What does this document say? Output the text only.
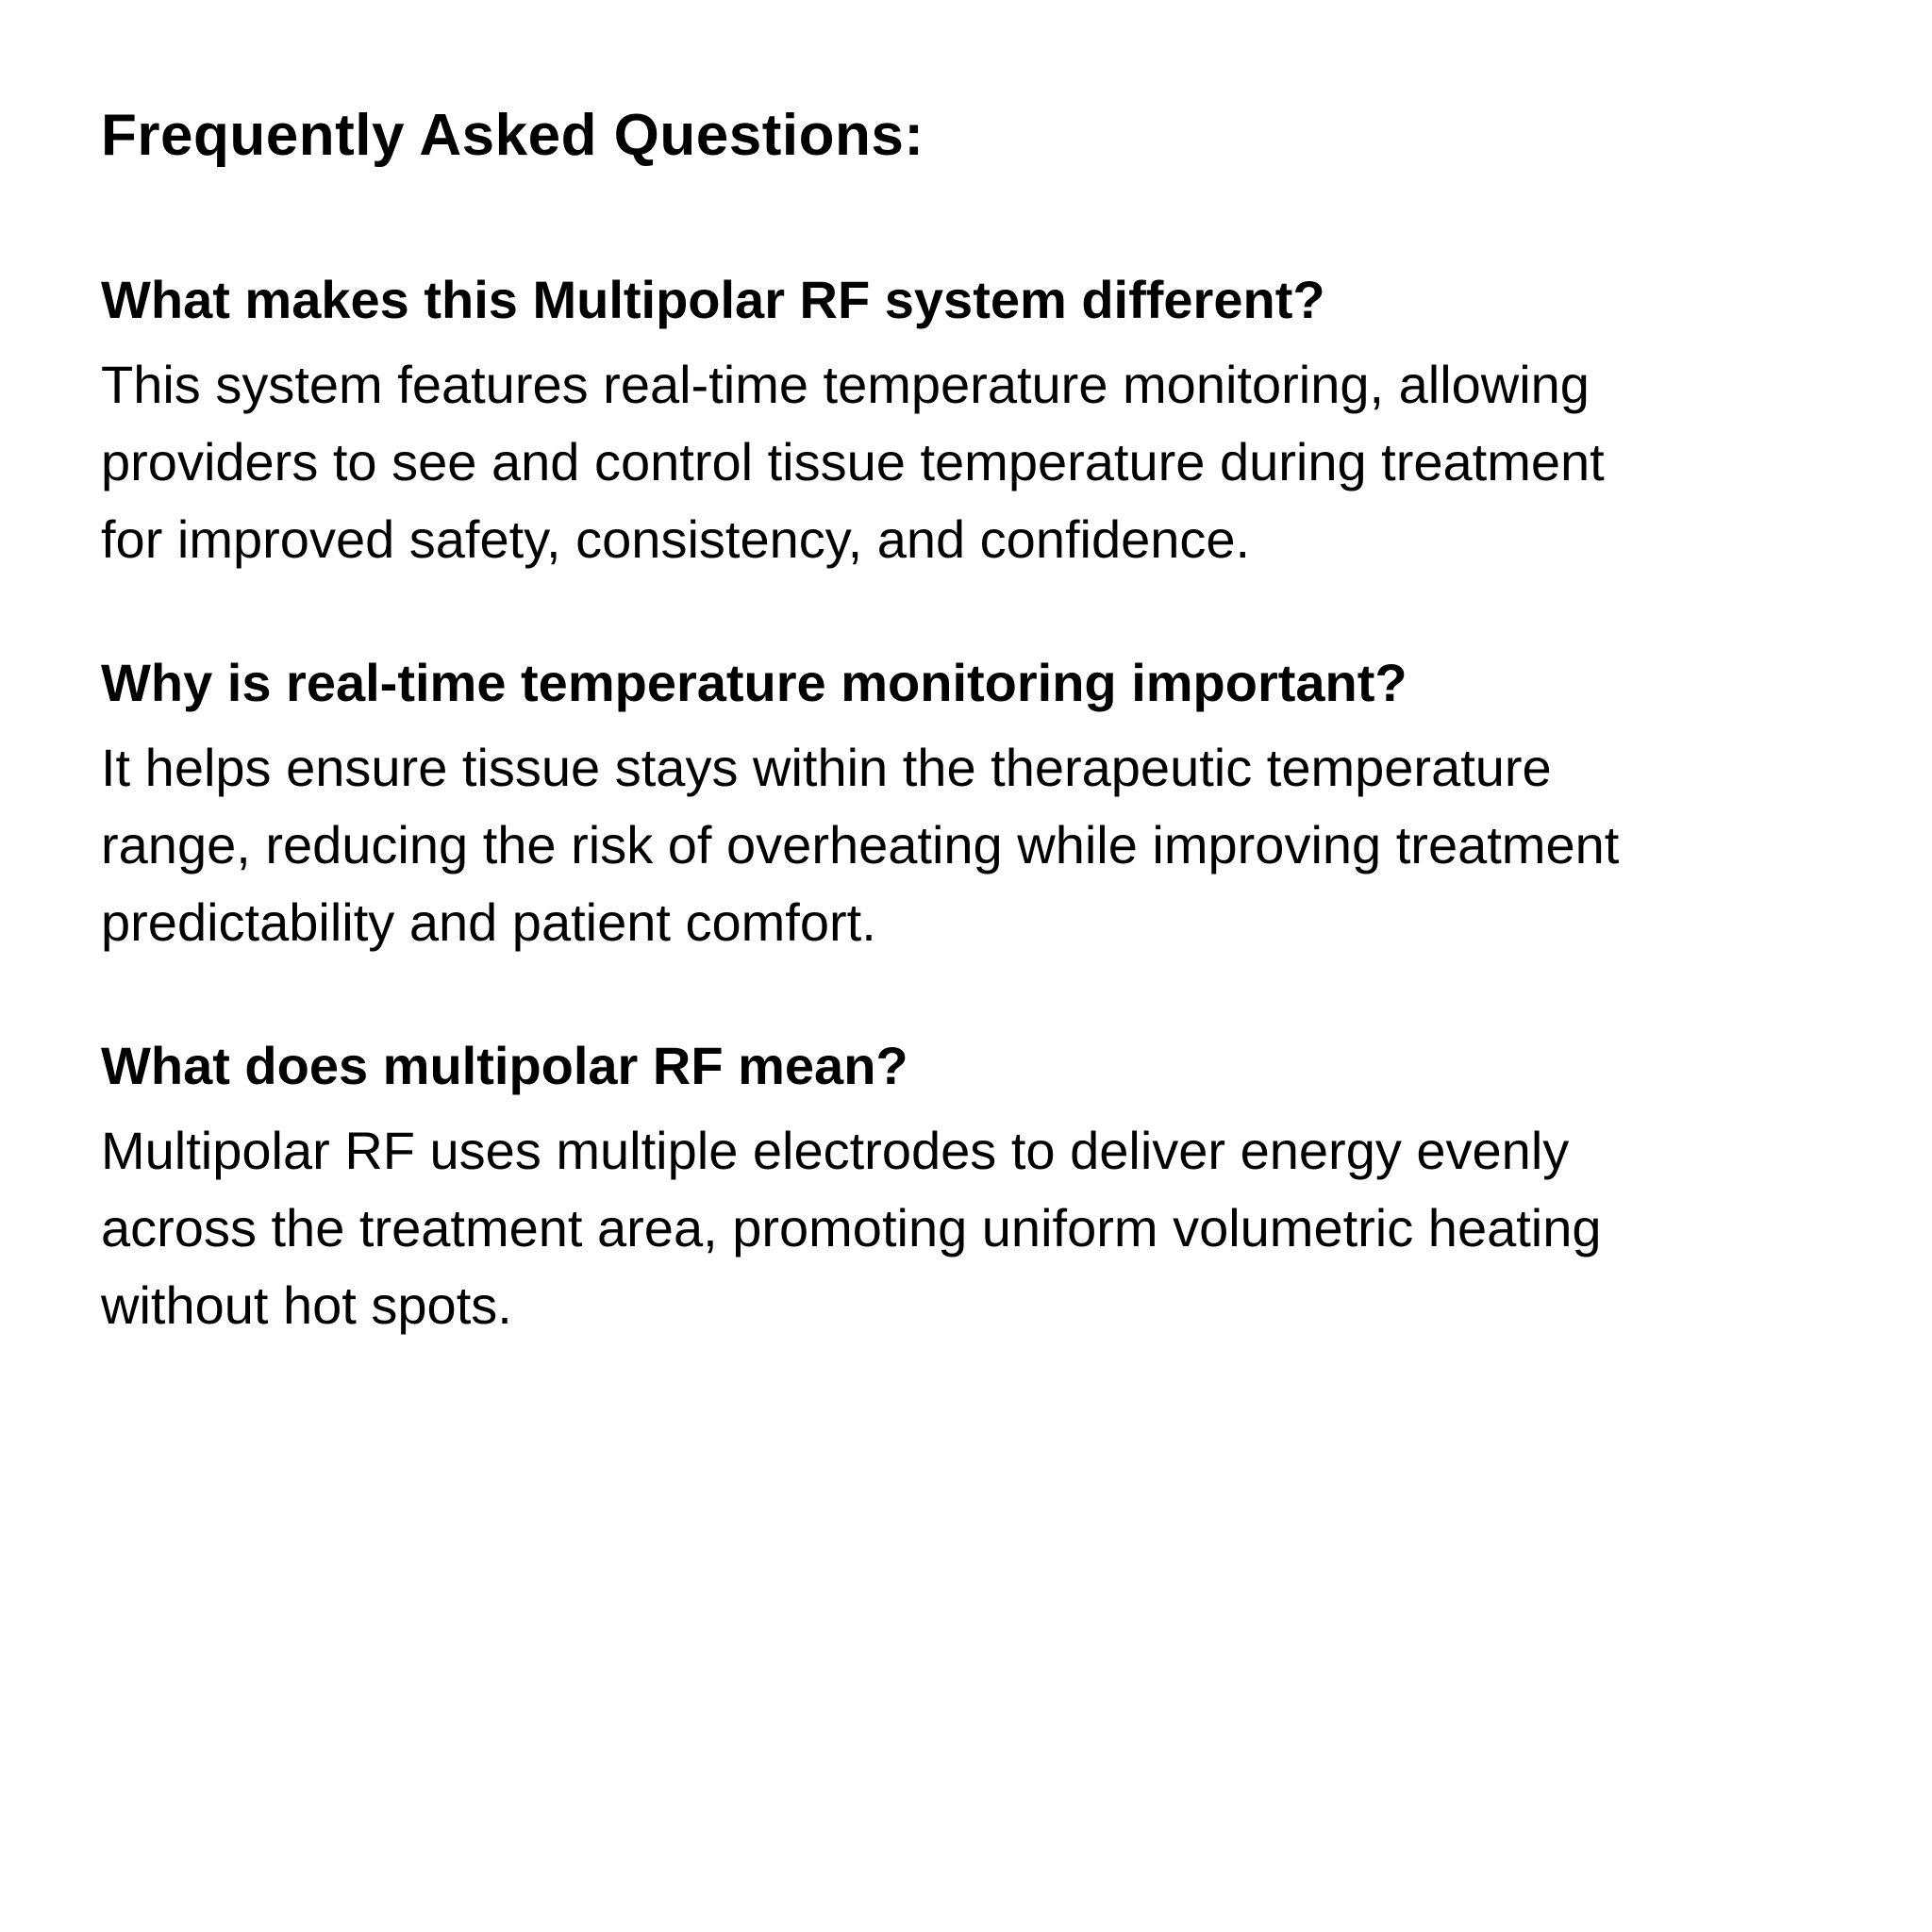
Frequently Asked Questions:
What makes this Multipolar RF system different?
This system features real-time temperature monitoring, allowing
providers to see and control tissue temperature during treatment
for improved safety, consistency, and confidence.
Why is real-time temperature monitoring important?
It helps ensure tissue stays within the therapeutic temperature
range, reducing the risk of overheating while improving treatment
predictability and patient comfort.
What does multipolar RF mean?
Multipolar RF uses multiple electrodes to deliver energy evenly
across the treatment area, promoting uniform volumetric heating
without hot spots.
